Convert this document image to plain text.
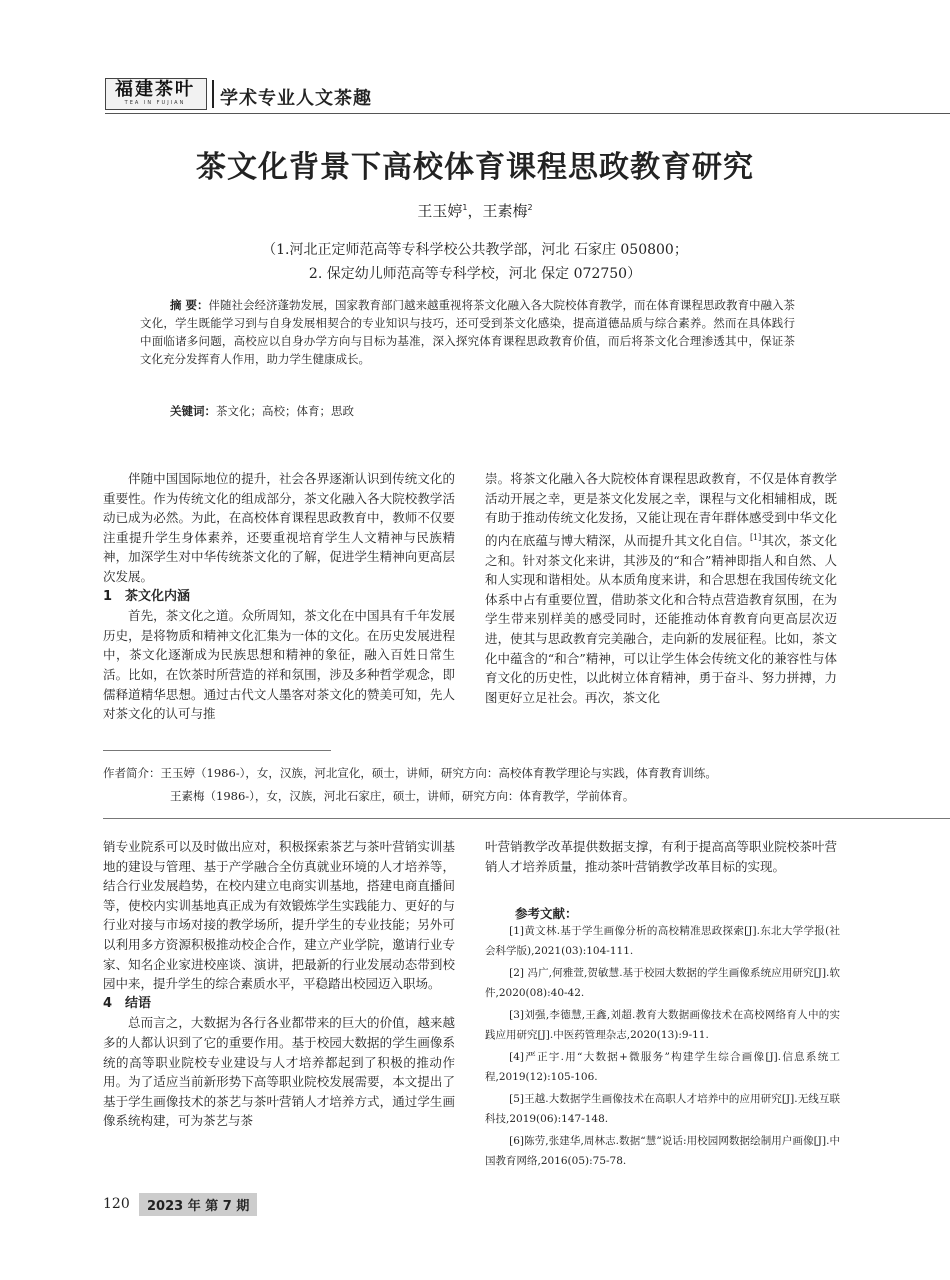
福建茶叶
TEA IN FUJIAN	学术专业人文茶趣
茶文化背景下高校体育课程思政教育研究
王玉婷$^1$，王素梅$^2$
（1.河北正定师范高等专科学校公共教学部，河北 石家庄 050800；
2. 保定幼儿师范高等专科学校，河北 保定 072750）
摘 要：伴随社会经济蓬勃发展，国家教育部门越来越重视将茶文化融入各大院校体育教学，而在体育课程思政教育中融入茶文化，学生既能学习到与自身发展相契合的专业知识与技巧，还可受到茶文化感染，提高道德品质与综合素养。然而在具体践行中面临诸多问题，高校应以自身办学方向与目标为基准，深入探究体育课程思政教育价值，而后将茶文化合理渗透其中，保证茶文化充分发挥育人作用，助力学生健康成长。
关键词：茶文化；高校；体育；思政

伴随中国国际地位的提升，社会各界逐渐认识到传统文化的重要性。作为传统文化的组成部分，茶文化融入各大院校教学活动已成为必然。为此，在高校体育课程思政教育中，教师不仅要注重提升学生身体素养，还要重视培育学生人文精神与民族精神，加深学生对中华传统茶文化的了解，促进学生精神向更高层次发展。

1　茶文化内涵

首先，茶文化之道。众所周知，茶文化在中国具有千年发展历史，是将物质和精神文化汇集为一体的文化。在历史发展进程中，茶文化逐渐成为民族思想和精神的象征，融入百姓日常生活。比如，在饮茶时所营造的祥和氛围，涉及多种哲学观念，即儒释道精华思想。通过古代文人墨客对茶文化的赞美可知，先人对茶文化的认可与推

崇。将茶文化融入各大院校体育课程思政教育，不仅是体育教学活动开展之幸，更是茶文化发展之幸，课程与文化相辅相成，既有助于推动传统文化发扬，又能让现在青年群体感受到中华文化的内在底蕴与博大精深，从而提升其文化自信。[1]其次，茶文化之和。针对茶文化来讲，其涉及的“和合”精神即指人和自然、人和人实现和谐相处。从本质角度来讲，和合思想在我国传统文化体系中占有重要位置，借助茶文化和合特点营造教育氛围，在为学生带来别样美的感受同时，还能推动体育教育向更高层次迈进，使其与思政教育完美融合，走向新的发展征程。比如，茶文化中蕴含的“和合”精神，可以让学生体会传统文化的兼容性与体育文化的历史性，以此树立体育精神，勇于奋斗、努力拼搏，力图更好立足社会。再次，茶文化

作者简介：王玉婷（1986-），女，汉族，河北宣化，硕士，讲师，研究方向：高校体育教学理论与实践，体育教育训练。
王素梅（1986-），女，汉族，河北石家庄，硕士，讲师，研究方向：体育教学，学前体育。

销专业院系可以及时做出应对，积极探索茶艺与茶叶营销实训基地的建设与管理、基于产学融合全仿真就业环境的人才培养等，结合行业发展趋势，在校内建立电商实训基地，搭建电商直播间等，使校内实训基地真正成为有效锻炼学生实践能力、更好的与行业对接与市场对接的教学场所，提升学生的专业技能；另外可以利用多方资源积极推动校企合作，建立产业学院，邀请行业专家、知名企业家进校座谈、演讲，把最新的行业发展动态带到校园中来，提升学生的综合素质水平，平稳踏出校园迈入职场。

4　结语

总而言之，大数据为各行各业都带来的巨大的价值，越来越多的人都认识到了它的重要作用。基于校园大数据的学生画像系统的高等职业院校专业建设与人才培养都起到了积极的推动作用。为了适应当前新形势下高等职业院校发展需要，本文提出了基于学生画像技术的茶艺与茶叶营销人才培养方式，通过学生画像系统构建，可为茶艺与茶

叶营销教学改革提供数据支撑，有利于提高高等职业院校茶叶营销人才培养质量，推动茶叶营销教学改革目标的实现。

参考文献：

[1]黄文林.基于学生画像分析的高校精准思政探索[J].东北大学学报(社会科学版),2021(03):104-111.

[2] 冯广,何雅萱,贺敏慧.基于校园大数据的学生画像系统应用研究[J].软件,2020(08):40-42.

[3]刘强,李德慧,王鑫,刘超.教育大数据画像技术在高校网络育人中的实践应用研究[J].中医药管理杂志,2020(13):9-11.

[4]严正宇.用“大数据+微服务”构建学生综合画像[J].信息系统工程,2019(12):105-106.

[5]王越.大数据学生画像技术在高职人才培养中的应用研究[J].无线互联科技,2019(06):147-148.

[6]陈劳,张建华,周林志.数据“慧”说话:用校园网数据绘制用户画像[J].中国教育网络,2016(05):75-78.

120	2023 年 第 7 期
